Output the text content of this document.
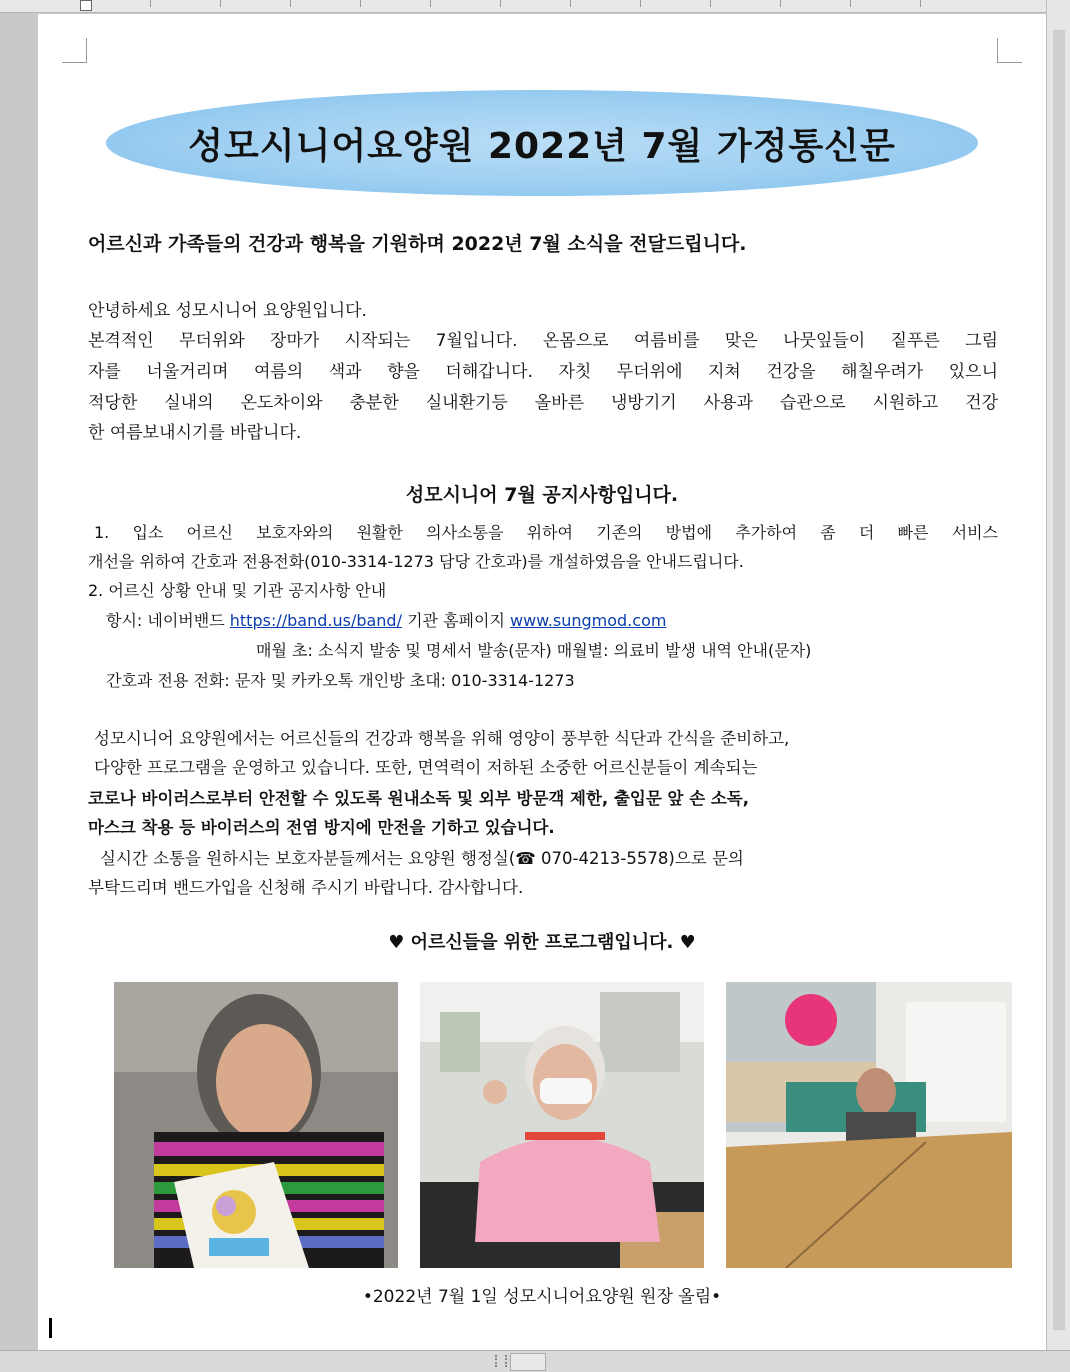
성모시니어요양원 2022년 7월 가정통신문
어르신과 가족들의 건강과 행복을 기원하며 2022년 7월 소식을 전달드립니다.
안녕하세요 성모시니어 요양원입니다.
본격적인 무더위와 장마가 시작되는 7월입니다. 온몸으로 여름비를 맞은 나뭇잎들이 짙푸른 그림
자를 너울거리며 여름의 색과 향을 더해갑니다. 자칫 무더위에 지쳐 건강을 해칠우려가 있으니
적당한 실내의 온도차이와 충분한 실내환기등 올바른 냉방기기 사용과 습관으로 시원하고 건강
한 여름보내시기를 바랍니다.
성모시니어 7월 공지사항입니다.
1. 입소 어르신 보호자와의 원활한 의사소통을 위하여 기존의 방법에 추가하여 좀 더 빠른 서비스
개선을 위하여 간호과 전용전화(010-3314-1273 담당 간호과)를 개설하였음을 안내드립니다.
2. 어르신 상황 안내 및 기관 공지사항 안내
항시: 네이버밴드 https://band.us/band/ 기관 홈페이지 www.sungmod.com
매월 초: 소식지 발송 및 명세서 발송(문자) 매월별: 의료비 발생 내역 안내(문자)
간호과 전용 전화: 문자 및 카카오톡 개인방 초대: 010-3314-1273
성모시니어 요양원에서는 어르신들의 건강과 행복을 위해 영양이 풍부한 식단과 간식을 준비하고,
다양한 프로그램을 운영하고 있습니다. 또한, 면역력이 저하된 소중한 어르신분들이 계속되는
코로나 바이러스로부터 안전할 수 있도록 원내소독 및 외부 방문객 제한, 출입문 앞 손 소독,
마스크 착용 등 바이러스의 전염 방지에 만전을 기하고 있습니다.
실시간 소통을 원하시는 보호자분들께서는 요양원 행정실(☎ 070-4213-5578)으로 문의
부탁드리며 밴드가입을 신청해 주시기 바랍니다. 감사합니다.
♥ 어르신들을 위한 프로그램입니다. ♥
•2022년 7월 1일 성모시니어요양원 원장 올림•
